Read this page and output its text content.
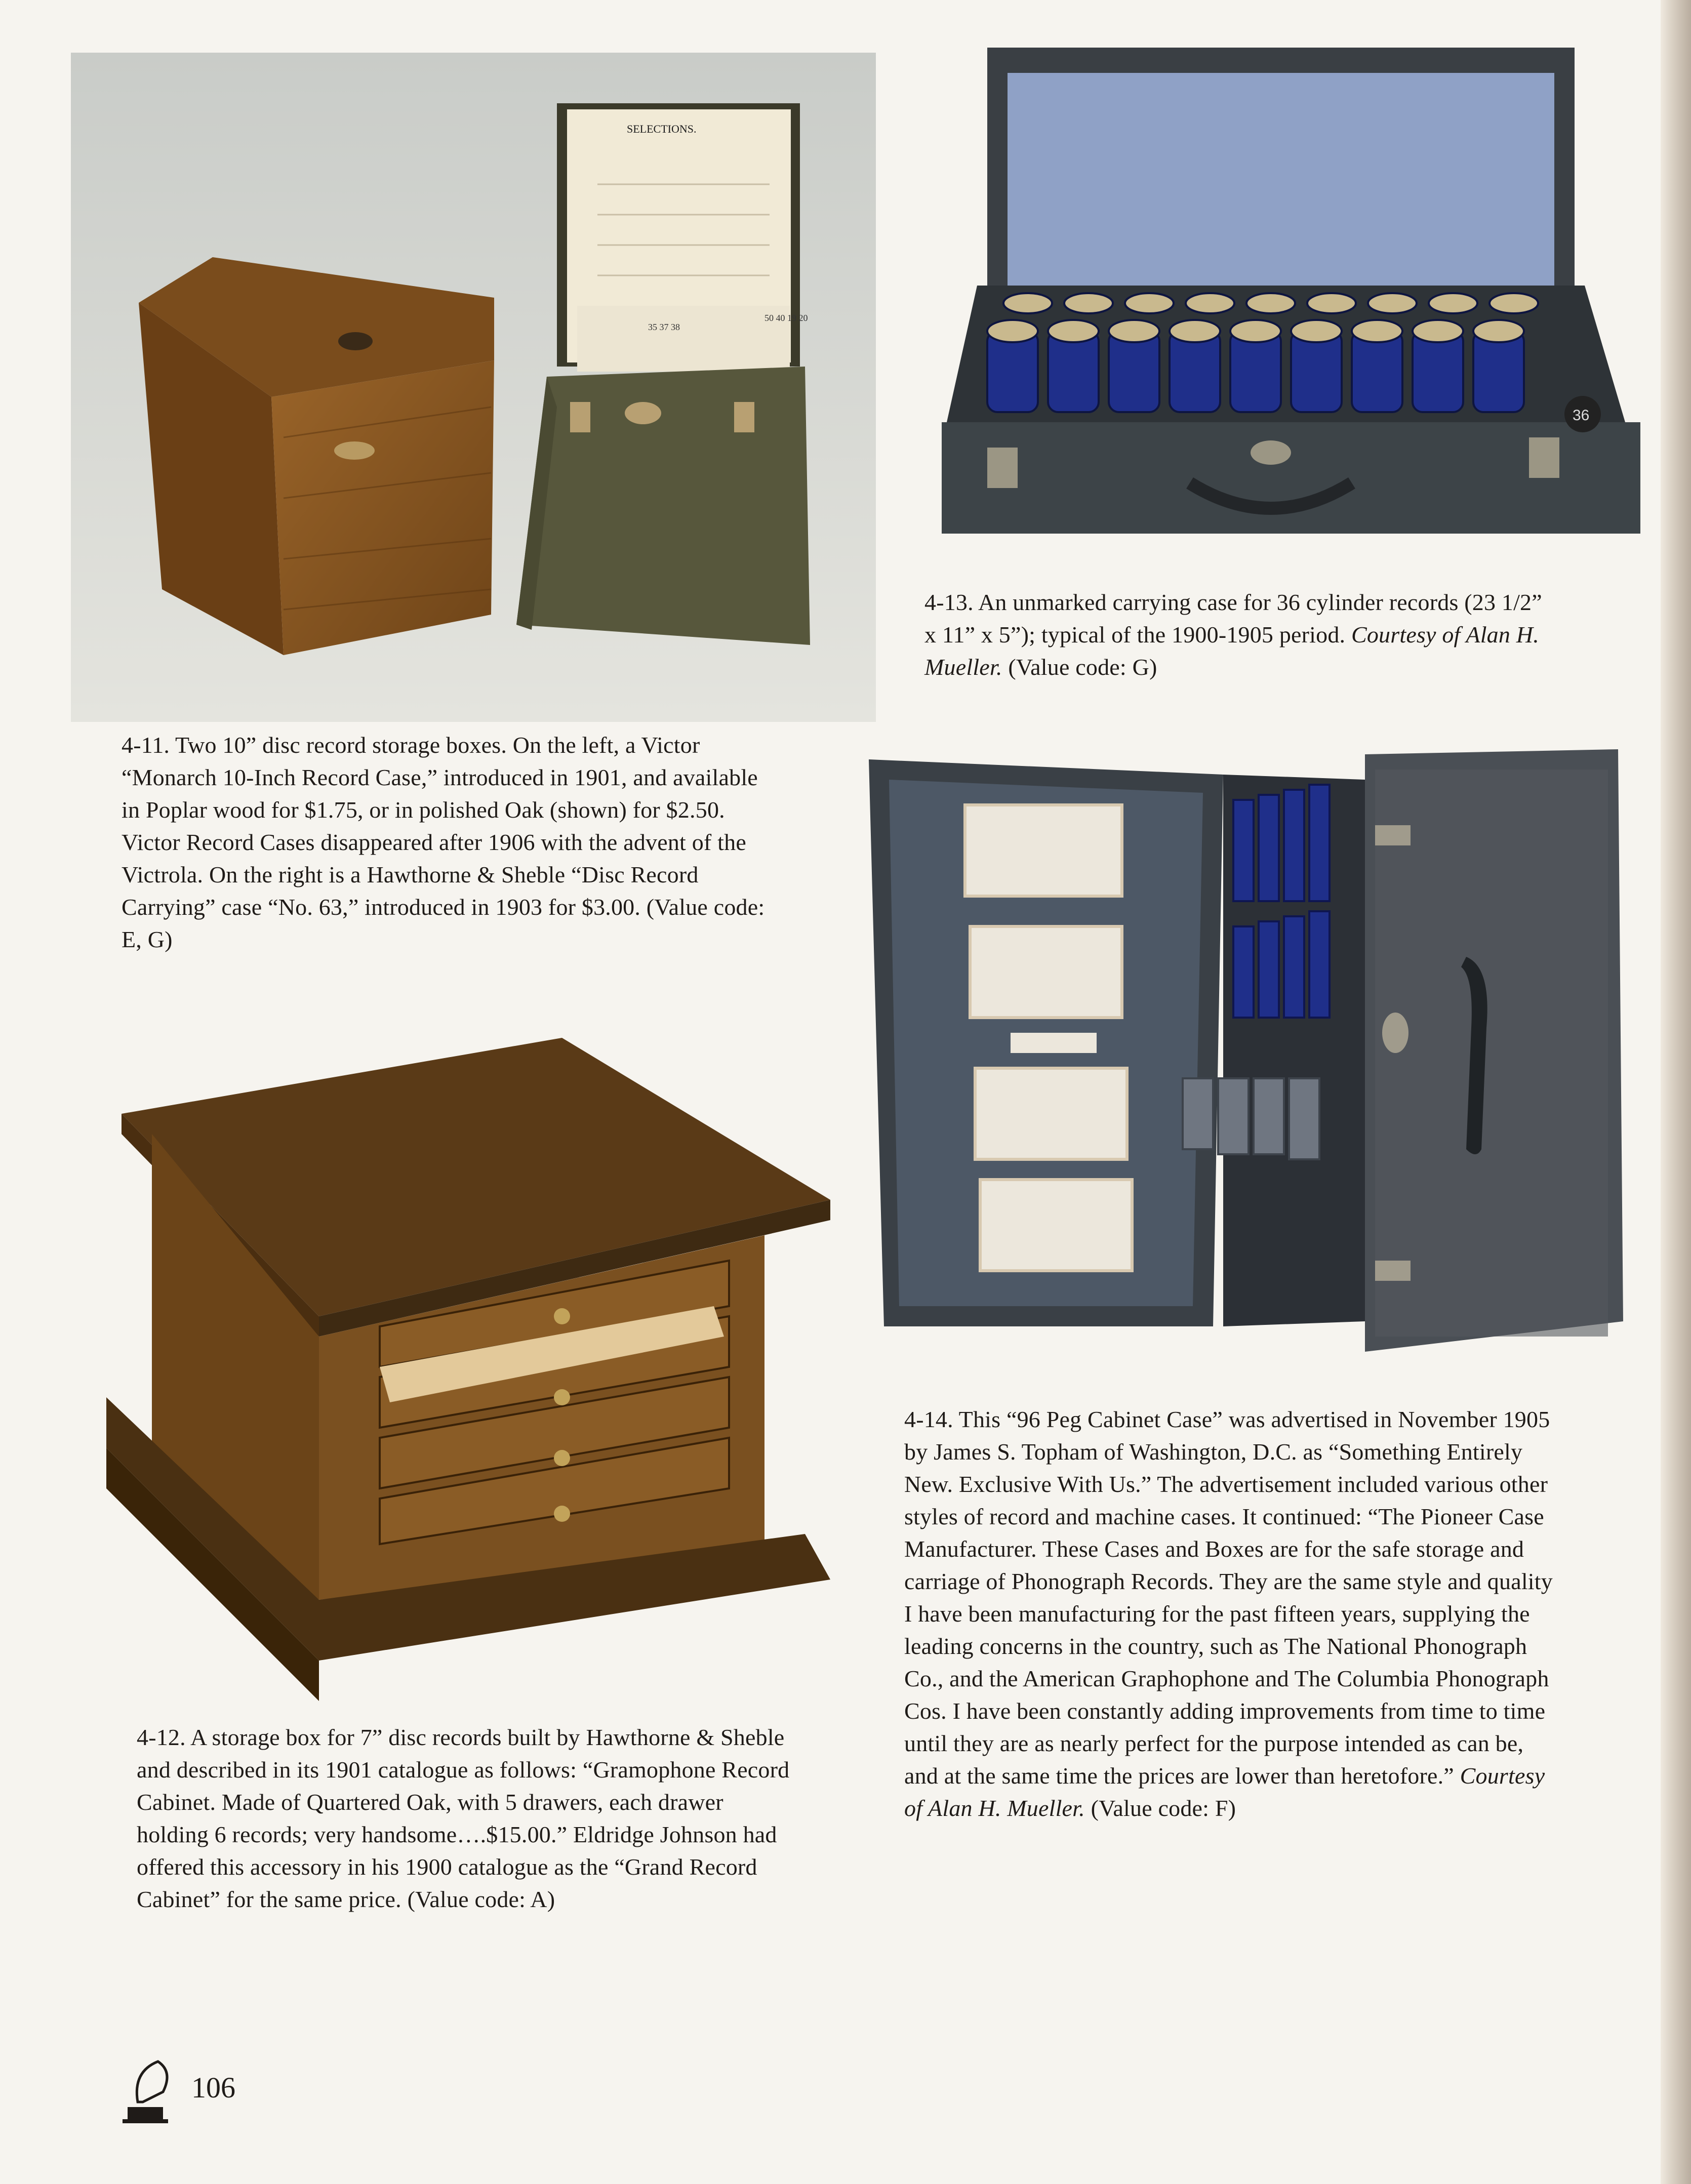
SELECTIONS.
35 37 38
50 40 19 20
36

4-13. An unmarked carrying case for 36 cylinder records (23 1/2”
x 11” x 5”); typical of the 1900-1905 period. Courtesy of Alan H.
Mueller. (Value code: G)

4-11. Two 10” disc record storage boxes. On the left, a Victor
“Monarch 10-Inch Record Case,” introduced in 1901, and available
in Poplar wood for $1.75, or in polished Oak (shown) for $2.50.
Victor Record Cases disappeared after 1906 with the advent of the
Victrola. On the right is a Hawthorne & Sheble “Disc Record
Carrying” case “No. 63,” introduced in 1903 for $3.00. (Value code:
E, G)
4-12. A storage box for 7” disc records built by Hawthorne & Sheble
and described in its 1901 catalogue as follows: “Gramophone Record
Cabinet. Made of Quartered Oak, with 5 drawers, each drawer
holding 6 records; very handsome….$15.00.” Eldridge Johnson had
offered this accessory in his 1900 catalogue as the “Grand Record
Cabinet” for the same price. (Value code: A)

4-14. This “96 Peg Cabinet Case” was advertised in November 1905
by James S. Topham of Washington, D.C. as “Something Entirely
New. Exclusive With Us.” The advertisement included various other
styles of record and machine cases. It continued: “The Pioneer Case
Manufacturer. These Cases and Boxes are for the safe storage and
carriage of Phonograph Records. They are the same style and quality
I have been manufacturing for the past fifteen years, supplying the
leading concerns in the country, such as The National Phonograph
Co., and the American Graphophone and The Columbia Phonograph
Cos. I have been constantly adding improvements from time to time
until they are as nearly perfect for the purpose intended as can be,
and at the same time the prices are lower than heretofore.” Courtesy
of Alan H. Mueller. (Value code: F)

106
